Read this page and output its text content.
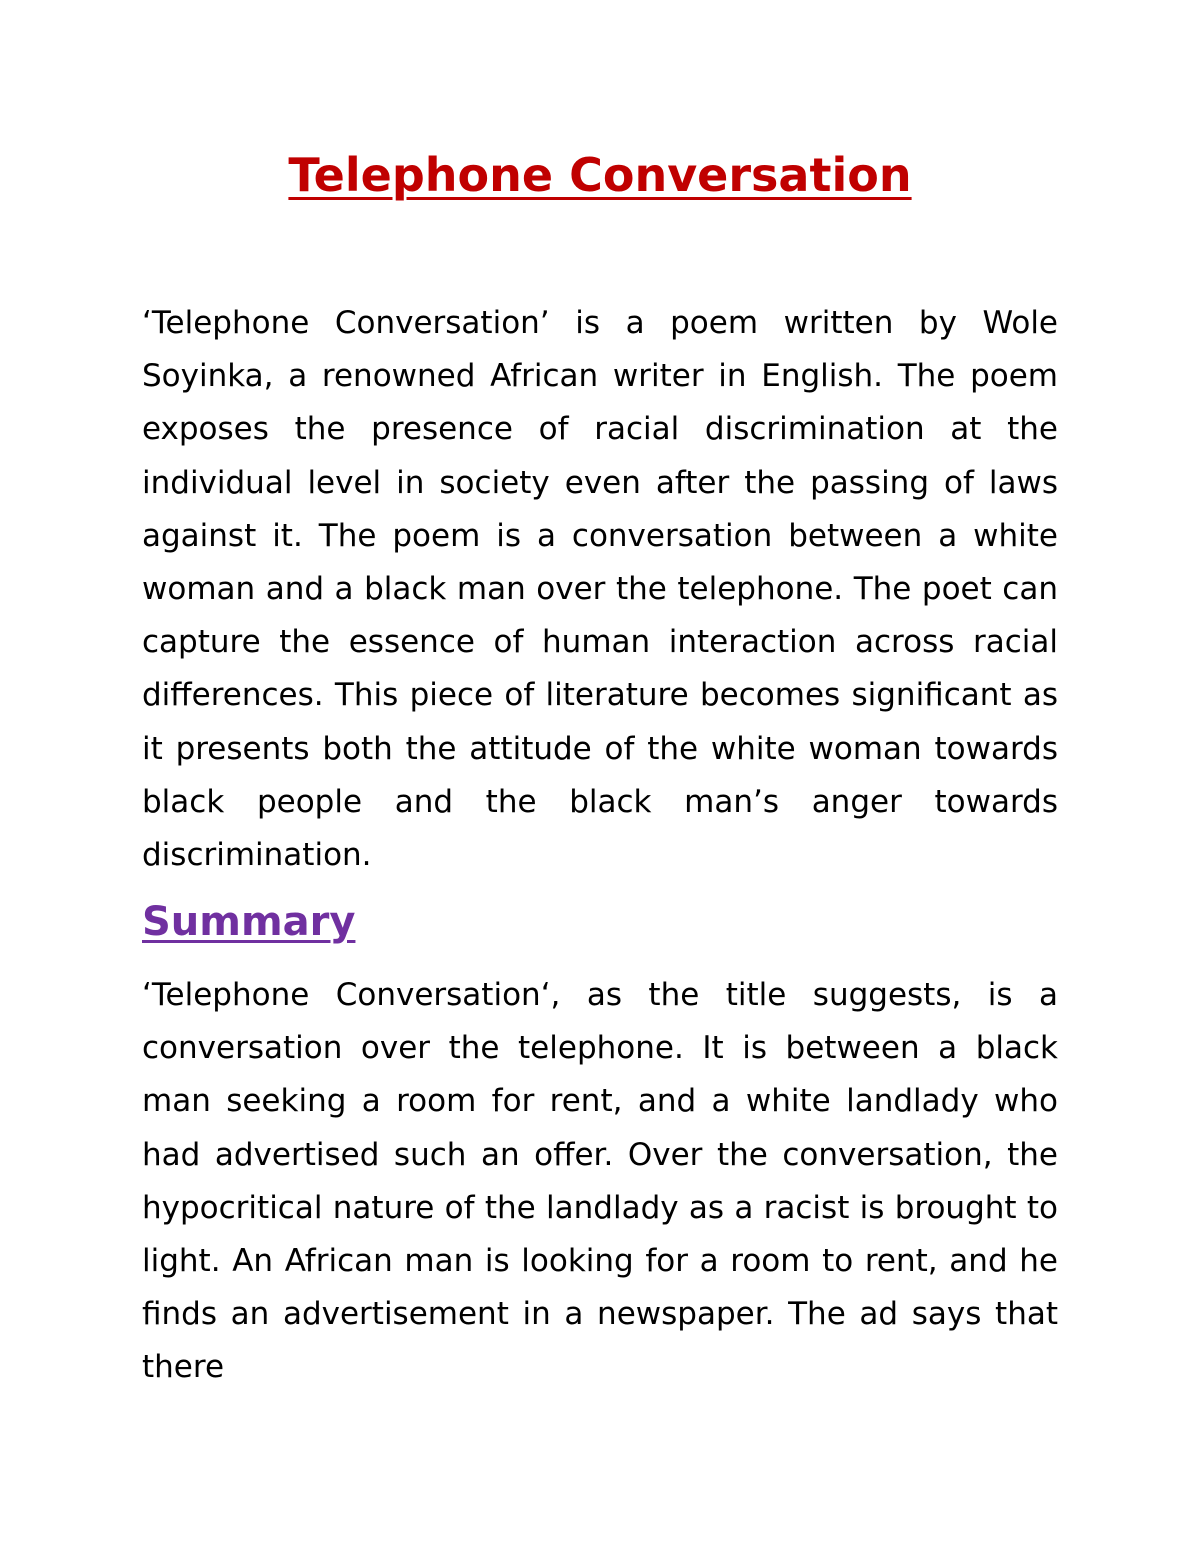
Telephone Conversation

‘Telephone Conversation’ is a poem written by Wole Soyinka, a renowned African writer in English. The poem exposes the presence of racial discrimination at the individual level in society even after the passing of laws against it. The poem is a conversation between a white woman and a black man over the telephone. The poet can capture the essence of human interaction across racial differences. This piece of literature becomes significant as it presents both the attitude of the white woman towards black people and the black man’s anger towards discrimination.

Summary

‘Telephone Conversation‘, as the title suggests, is a conversation over the telephone. It is between a black man seeking a room for rent, and a white landlady who had advertised such an offer. Over the conversation, the hypocritical nature of the landlady as a racist is brought to light. An African man is looking for a room to rent, and he finds an advertisement in a newspaper. The ad says that there
